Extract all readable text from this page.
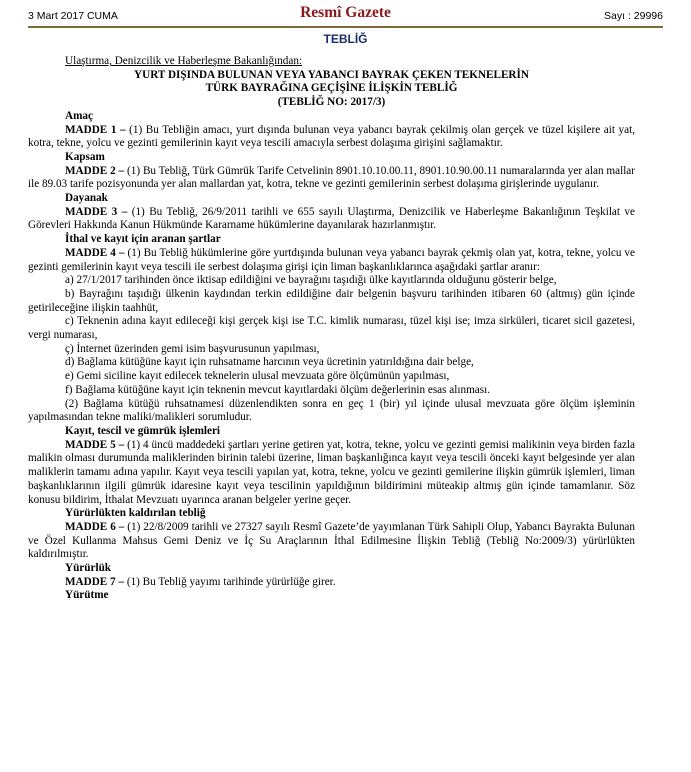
3 Mart 2017 CUMA	Resmî Gazete	Sayı : 29996
TEBLİĞ
Ulaştırma, Denizcilik ve Haberleşme Bakanlığından:
YURT DIŞINDA BULUNAN VEYA YABANCI BAYRAK ÇEKEN TEKNELERİN
TÜRK BAYRAĞINA GEÇİŞİNE İLİŞKİN TEBLİĞ
(TEBLİĞ NO: 2017/3)
Amaç
MADDE 1 – (1) Bu Tebliğin amacı, yurt dışında bulunan veya yabancı bayrak çekilmiş olan gerçek ve tüzel kişilere ait yat, kotra, tekne, yolcu ve gezinti gemilerinin kayıt veya tescili amacıyla serbest dolaşıma girişini sağlamaktır.
Kapsam
MADDE 2 – (1) Bu Tebliğ, Türk Gümrük Tarife Cetvelinin 8901.10.10.00.11, 8901.10.90.00.11 numaralarında yer alan mallar ile 89.03 tarife pozisyonunda yer alan mallardan yat, kotra, tekne ve gezinti gemilerinin serbest dolaşıma girişlerinde uygulanır.
Dayanak
MADDE 3 – (1) Bu Tebliğ, 26/9/2011 tarihli ve 655 sayılı Ulaştırma, Denizcilik ve Haberleşme Bakanlığının Teşkilat ve Görevleri Hakkında Kanun Hükmünde Kararname hükümlerine dayanılarak hazırlanmıştır.
İthal ve kayıt için aranan şartlar
MADDE 4 – (1) Bu Tebliğ hükümlerine göre yurtdışında bulunan veya yabancı bayrak çekmiş olan yat, kotra, tekne, yolcu ve gezinti gemilerinin kayıt veya tescili ile serbest dolaşıma girişi için liman başkanlıklarınca aşağıdaki şartlar aranır:
a) 27/1/2017 tarihinden önce iktisap edildiğini ve bayrağını taşıdığı ülke kayıtlarında olduğunu gösterir belge,
b) Bayrağını taşıdığı ülkenin kaydından terkin edildiğine dair belgenin başvuru tarihinden itibaren 60 (altmış) gün içinde getirileceğine ilişkin taahhüt,
c) Teknenin adına kayıt edileceği kişi gerçek kişi ise T.C. kimlik numarası, tüzel kişi ise; imza sirküleri, ticaret sicil gazetesi, vergi numarası,
ç) İnternet üzerinden gemi isim başvurusunun yapılması,
d) Bağlama kütüğüne kayıt için ruhsatname harcının veya ücretinin yatırıldığına dair belge,
e) Gemi siciline kayıt edilecek teknelerin ulusal mevzuata göre ölçümünün yapılması,
f) Bağlama kütüğüne kayıt için teknenin mevcut kayıtlardaki ölçüm değerlerinin esas alınması.
(2) Bağlama kütüğü ruhsatnamesi düzenlendikten sonra en geç 1 (bir) yıl içinde ulusal mevzuata göre ölçüm işleminin yapılmasından tekne maliki/malikleri sorumludur.
Kayıt, tescil ve gümrük işlemleri
MADDE 5 – (1) 4 üncü maddedeki şartları yerine getiren yat, kotra, tekne, yolcu ve gezinti gemisi malikinin veya birden fazla malikin olması durumunda maliklerinden birinin talebi üzerine, liman başkanlığınca kayıt veya tescili önceki kayıt belgesinde yer alan maliklerin tamamı adına yapılır. Kayıt veya tescili yapılan yat, kotra, tekne, yolcu ve gezinti gemilerine ilişkin gümrük işlemleri, liman başkanlıklarının ilgili gümrük idaresine kayıt veya tescilinin yapıldığının bildirimini müteakip altmış gün içinde tamamlanır. Söz konusu bildirim, İthalat Mevzuatı uyarınca aranan belgeler yerine geçer.
Yürürlükten kaldırılan tebliğ
MADDE 6 – (1) 22/8/2009 tarihli ve 27327 sayılı Resmî Gazete’de yayımlanan Türk Sahipli Olup, Yabancı Bayrakta Bulunan ve Özel Kullanma Mahsus Gemi Deniz ve İç Su Araçlarının İthal Edilmesine İlişkin Tebliğ (Tebliğ No:2009/3) yürürlükten kaldırılmıştır.
Yürürlük
MADDE 7 – (1) Bu Tebliğ yayımı tarihinde yürürlüğe girer.
Yürütme
